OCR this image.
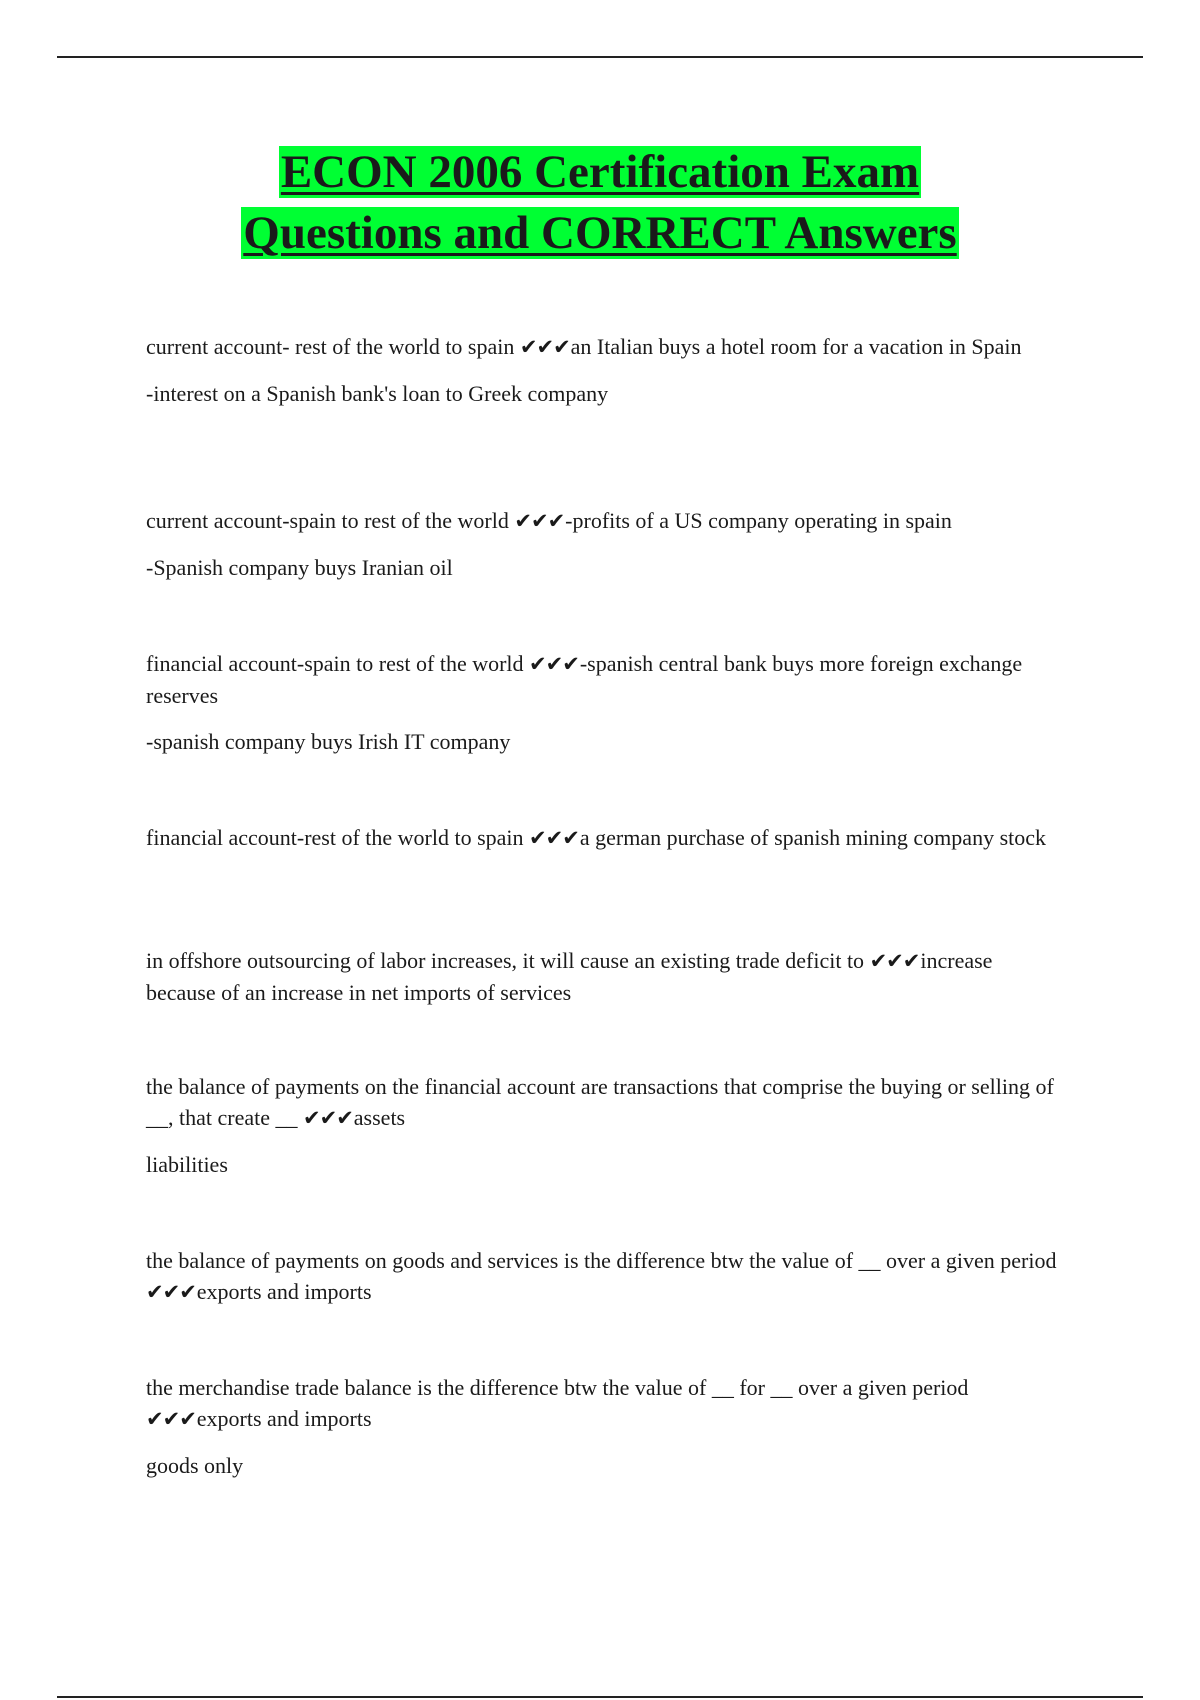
ECON 2006 Certification Exam
Questions and CORRECT Answers

current account- rest of the world to spain ✔✔✔an Italian buys a hotel room for a vacation in Spain

-interest on a Spanish bank's loan to Greek company

current account-spain to rest of the world ✔✔✔-profits of a US company operating in spain

-Spanish company buys Iranian oil

financial account-spain to rest of the world ✔✔✔-spanish central bank buys more foreign exchange reserves

-spanish company buys Irish IT company

financial account-rest of the world to spain ✔✔✔a german purchase of spanish mining company stock

in offshore outsourcing of labor increases, it will cause an existing trade deficit to ✔✔✔increase because of an increase in net imports of services

the balance of payments on the financial account are transactions that comprise the buying or selling of __, that create __ ✔✔✔assets

liabilities

the balance of payments on goods and services is the difference btw the value of __ over a given period ✔✔✔exports and imports

the merchandise trade balance is the difference btw the value of __ for __ over a given period ✔✔✔exports and imports

goods only
